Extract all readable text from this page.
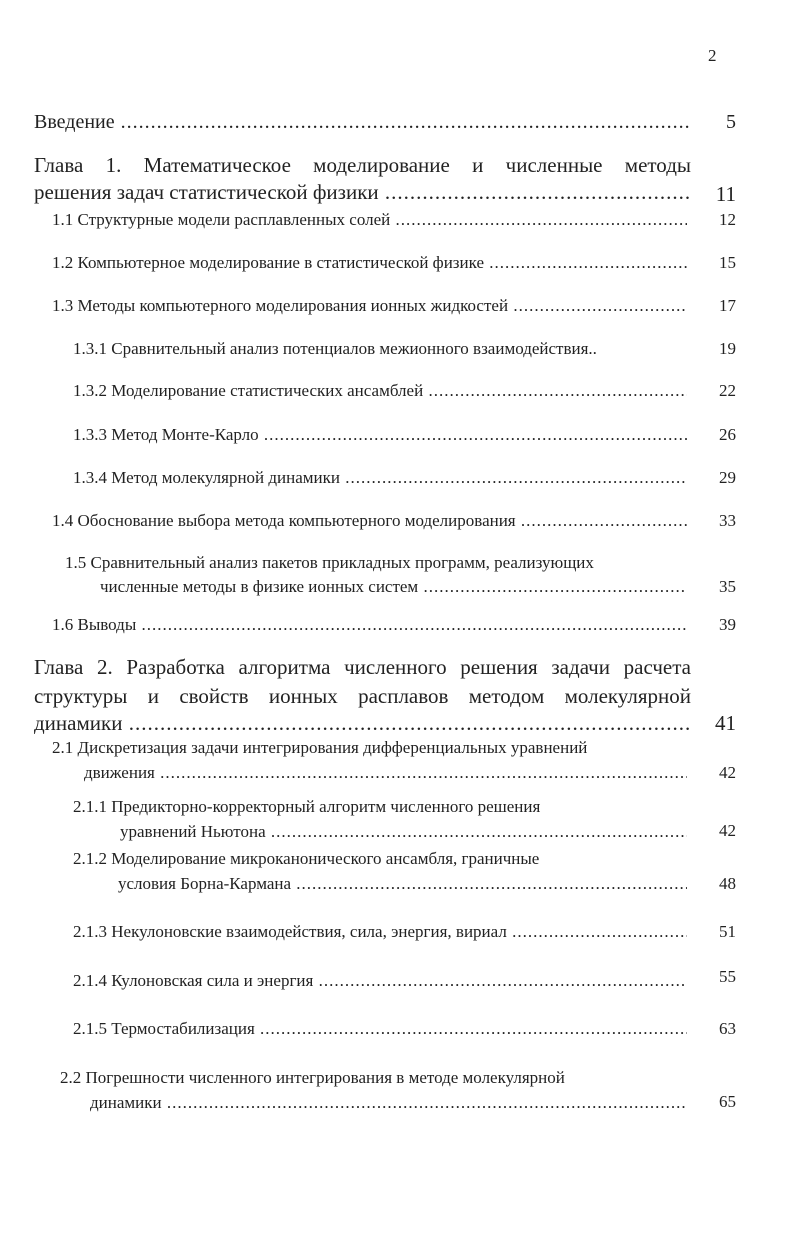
2
Введение .....	5
Глава 1. Математическое моделирование и численные методы
решения задач статистической физики .....	11
1.1 Структурные модели расплавленных солей .....	12
1.2 Компьютерное моделирование в статистической физике .....	15
1.3 Методы компьютерного моделирования ионных жидкостей .....	17
1.3.1 Сравнительный анализ потенциалов межионного взаимодействия..	19
1.3.2 Моделирование статистических ансамблей .....	22
1.3.3 Метод Монте-Карло .....	26
1.3.4 Метод молекулярной динамики .....	29
1.4 Обоснование выбора метода компьютерного моделирования .....	33
1.5 Сравнительный анализ пакетов прикладных программ, реализующих
численные методы в физике ионных систем .....	35
1.6 Выводы .....	39
Глава 2. Разработка алгоритма численного решения задачи расчета
структуры и свойств ионных расплавов методом молекулярной
динамики .....	41
2.1 Дискретизация задачи интегрирования дифференциальных уравнений
движения .....	42
2.1.1 Предикторно-корректорный алгоритм численного решения
уравнений Ньютона .....	42
2.1.2 Моделирование микроканонического ансамбля, граничные
условия Борна-Кармана .....	48
2.1.3 Некулоновские взаимодействия, сила, энергия, вириал .....	51
2.1.4 Кулоновская сила и энергия .....	55
2.1.5 Термостабилизация .....	63
2.2 Погрешности численного интегрирования в методе молекулярной
динамики .....	65
